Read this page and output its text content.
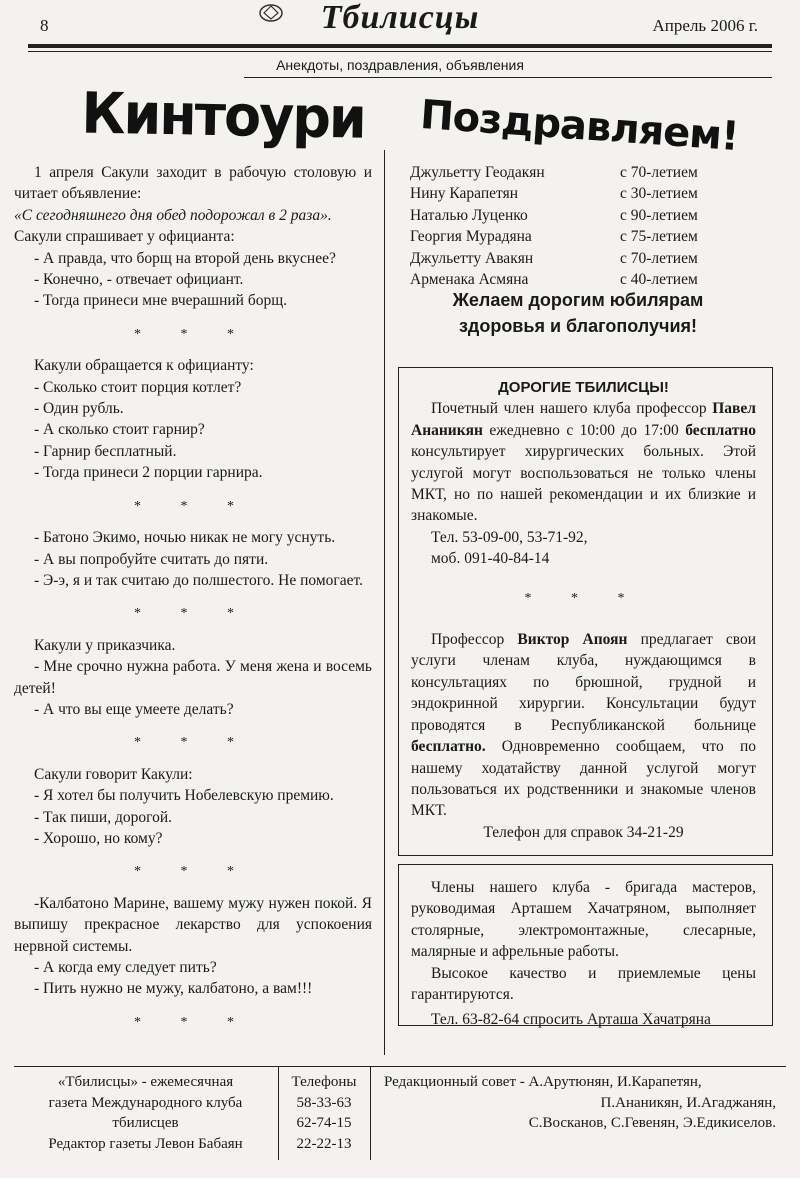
8	Тбилисцы	Апрель 2006 г.
Анекдоты, поздравления, объявления
Кинтоури Поздравляем!

1 апреля Сакули заходит в рабочую столовую и читает объявление:

«С сегодняшнего дня обед подорожал в 2 раза».

Сакули спрашивает у официанта:

- А правда, что борщ на второй день вкуснее?

- Конечно, - отвечает официант.

- Тогда принеси мне вчерашний борщ.

* * *

Какули обращается к официанту:

- Сколько стоит порция котлет?

- Один рубль.

- А сколько стоит гарнир?

- Гарнир бесплатный.

- Тогда принеси 2 порции гарнира.

* * *

- Батоно Экимо, ночью никак не могу уснуть.

- А вы попробуйте считать до пяти.

- Э-э, я и так считаю до полшестого. Не помогает.

* * *

Какули у приказчика.

- Мне срочно нужна работа. У меня жена и восемь детей!

- А что вы еще умеете делать?

* * *

Сакули говорит Какули:

- Я хотел бы получить Нобелевскую премию.

- Так пиши, дорогой.

- Хорошо, но кому?

* * *

-Калбатоно Марине, вашему мужу нужен покой. Я выпишу прекрасное лекарство для успокоения нервной системы.

- А когда ему следует пить?

- Пить нужно не мужу, калбатоно, а вам!!!

* * *

Джульетту Геодакян	с 70-летием
Нину Карапетян	с 30-летием
Наталью Луценко	с 90-летием
Георгия Мурадяна	с 75-летием
Джульетту Авакян	с 70-летием
Арменака Асмяна	с 40-летием
Желаем дорогим юбилярам
здоровья и благополучия!

ДОРОГИЕ ТБИЛИСЦЫ!

Почетный член нашего клуба профессор Павел Ананикян ежедневно с 10:00 до 17:00 бесплатно консультирует хирургических больных. Этой услугой могут воспользоваться не только члены МКТ, но по нашей рекомендации и их близкие и знакомые.

Тел. 53-09-00, 53-71-92,

моб. 091-40-84-14

* * *

Профессор Виктор Апоян предлагает свои услуги членам клуба, нуждающимся в консультациях по брюшной, грудной и эндокринной хирургии. Консультации будут проводятся в Республиканской больнице бесплатно. Одновременно сообщаем, что по нашему ходатайству данной услугой могут пользоваться их родственники и знакомые членов МКТ.

Телефон для справок 34-21-29

Члены нашего клуба - бригада мастеров, руководимая Арташем Хачатряном, выполняет столярные, электромонтажные, слесарные, малярные и афрельные работы.

Высокое качество и приемлемые цены гарантируются.

Тел. 63-82-64 спросить Арташа Хачатряна

«Тбилисцы» - ежемесячная
газета Международного клуба
тбилисцев
Редактор газеты Левон Бабаян
Телефоны
58-33-63
62-74-15
22-22-13
Редакционный совет - А.Арутюнян, И.Карапетян,
П.Ананикян, И.Агаджанян,
С.Восканов, С.Гевенян, Э.Едикиселов.
